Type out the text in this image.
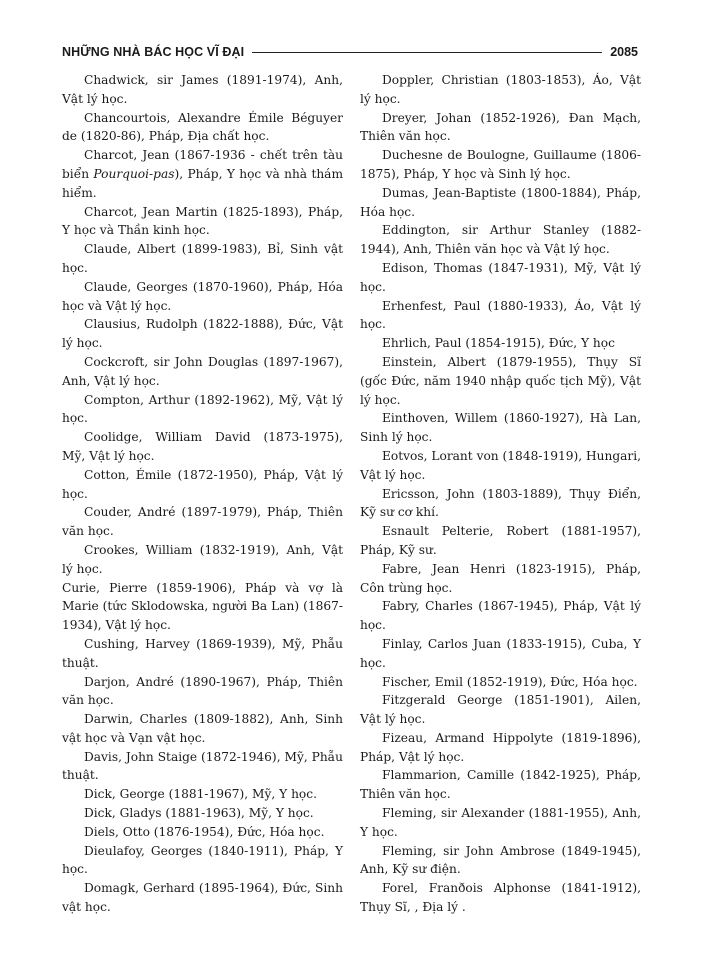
NHỮNG NHÀ BÁC HỌC VĨ ĐẠI	2085

Chadwick, sir James (1891-1974), Anh, Vật lý học.

Chancourtois, Alexandre Émile Béguyer de (1820-86), Pháp, Địa chất học.

Charcot, Jean (1867-1936 - chết trên tàu biển Pourquoi-pas), Pháp, Y học và nhà thám hiểm.

Charcot, Jean Martin (1825-1893), Pháp, Y học và Thần kinh học.

Claude, Albert (1899-1983), Bỉ, Sinh vật học.

Claude, Georges (1870-1960), Pháp, Hóa học và Vật lý học.

Clausius, Rudolph (1822-1888), Đức, Vật lý học.

Cockcroft, sir John Douglas (1897-1967), Anh, Vật lý học.

Compton, Arthur (1892-1962), Mỹ, Vật lý học.

Coolidge, William David (1873-1975), Mỹ, Vật lý học.

Cotton, Émile (1872-1950), Pháp, Vật lý học.

Couder, André (1897-1979), Pháp, Thiên văn học.

Crookes, William (1832-1919), Anh, Vật lý học.

Curie, Pierre (1859-1906), Pháp và vợ là Marie (tức Sklodowska, người Ba Lan) (1867-1934), Vật lý học.

Cushing, Harvey (1869-1939), Mỹ, Phẫu thuật.

Darjon, André (1890-1967), Pháp, Thiên văn học.

Darwin, Charles (1809-1882), Anh, Sinh vật học và Vạn vật học.

Davis, John Staige (1872-1946), Mỹ, Phẫu thuật.

Dick, George (1881-1967), Mỹ, Y học.

Dick, Gladys (1881-1963), Mỹ, Y học.

Diels, Otto (1876-1954), Đức, Hóa học.

Dieulafoy, Georges (1840-1911), Pháp, Y học.

Domagk, Gerhard (1895-1964), Đức, Sinh vật học.

Doppler, Christian (1803-1853), Áo, Vật lý học.

Dreyer, Johan (1852-1926), Đan Mạch, Thiên văn học.

Duchesne de Boulogne, Guillaume (1806-1875), Pháp, Y học và Sinh lý học.

Dumas, Jean-Baptiste (1800-1884), Pháp, Hóa học.

Eddington, sir Arthur Stanley (1882-1944), Anh, Thiên văn học và Vật lý học.

Edison, Thomas (1847-1931), Mỹ, Vật lý học.

Erhenfest, Paul (1880-1933), Áo, Vật lý học.

Ehrlich, Paul (1854-1915), Đức, Y học

Einstein, Albert (1879-1955), Thụy Sĩ (gốc Đức, năm 1940 nhập quốc tịch Mỹ), Vật lý học.

Einthoven, Willem (1860-1927), Hà Lan, Sinh lý học.

Eotvos, Lorant von (1848-1919), Hungari, Vật lý học.

Ericsson, John (1803-1889), Thụy Điển, Kỹ sư cơ khí.

Esnault Pelterie, Robert (1881-1957), Pháp, Kỹ sư.

Fabre, Jean Henri (1823-1915), Pháp, Côn trùng học.

Fabry, Charles (1867-1945), Pháp, Vật lý học.

Finlay, Carlos Juan (1833-1915), Cuba, Y học.

Fischer, Emil (1852-1919), Đức, Hóa học.

Fitzgerald George (1851-1901), Ailen, Vật lý học.

Fizeau, Armand Hippolyte (1819-1896), Pháp, Vật lý học.

Flammarion, Camille (1842-1925), Pháp, Thiên văn học.

Fleming, sir Alexander (1881-1955), Anh, Y học.

Fleming, sir John Ambrose (1849-1945), Anh, Kỹ sư điện.

Forel, Franðois Alphonse (1841-1912), Thụy Sĩ, , Địa lý .
